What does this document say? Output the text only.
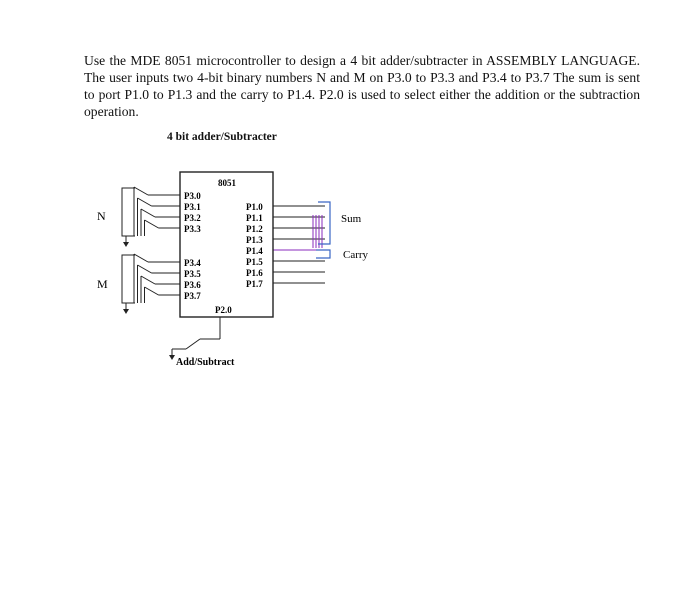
Use the MDE 8051 microcontroller to design a 4 bit adder/subtracter in ASSEMBLY LANGUAGE. The user inputs two 4-bit binary numbers N and M on P3.0 to P3.3 and P3.4 to P3.7 The sum is sent to port P1.0 to P1.3 and the carry to P1.4. P2.0 is used to select either the addition or the subtraction operation.

4 bit adder/Subtracter

8051
N
M
Sum
Carry
Add/Subtract
P3.0
P3.1
P3.2
P3.3
P3.4
P3.5
P3.6
P3.7
P1.0
P1.1
P1.2
P1.3
P1.4
P1.5
P1.6
P1.7
P2.0
